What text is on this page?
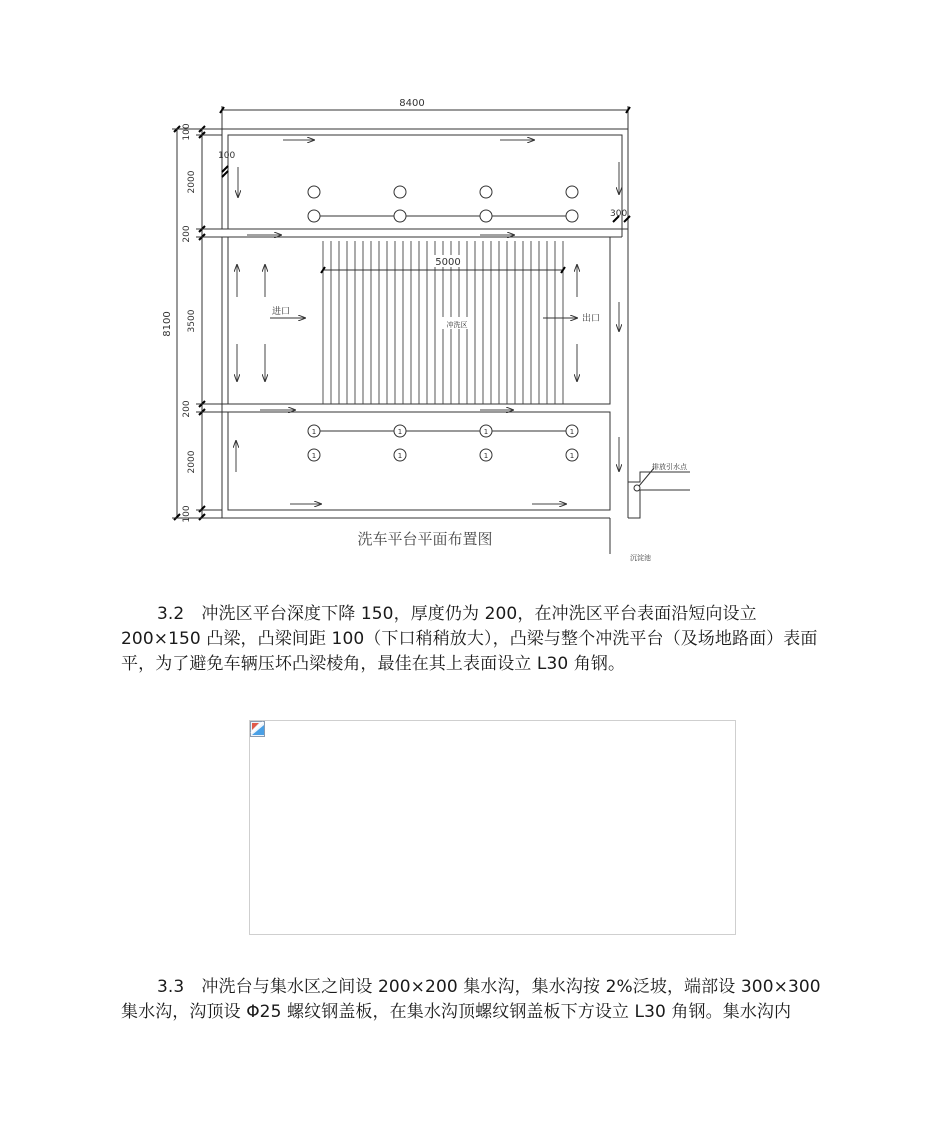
8400
8100
100
2000
200
3500
200
2000
100
排放引水点
沉淀池
100
300
5000
冲洗区
进口
出口
1	1	1	1
1	1	1	1
洗车平台平面布置图

3.2　冲洗区平台深度下降 150，厚度仍为 200，在冲洗区平台表面沿短向设立 200×150 凸梁，凸梁间距 100（下口稍稍放大），凸梁与整个冲洗平台（及场地路面）表面平，为了避免车辆压坏凸梁棱角，最佳在其上表面设立 L30 角钢。

3.3　冲洗台与集水区之间设 200×200 集水沟，集水沟按 2%泛坡，端部设 300×300 集水沟，沟顶设 Φ25 螺纹钢盖板，在集水沟顶螺纹钢盖板下方设立 L30 角钢。集水沟内
